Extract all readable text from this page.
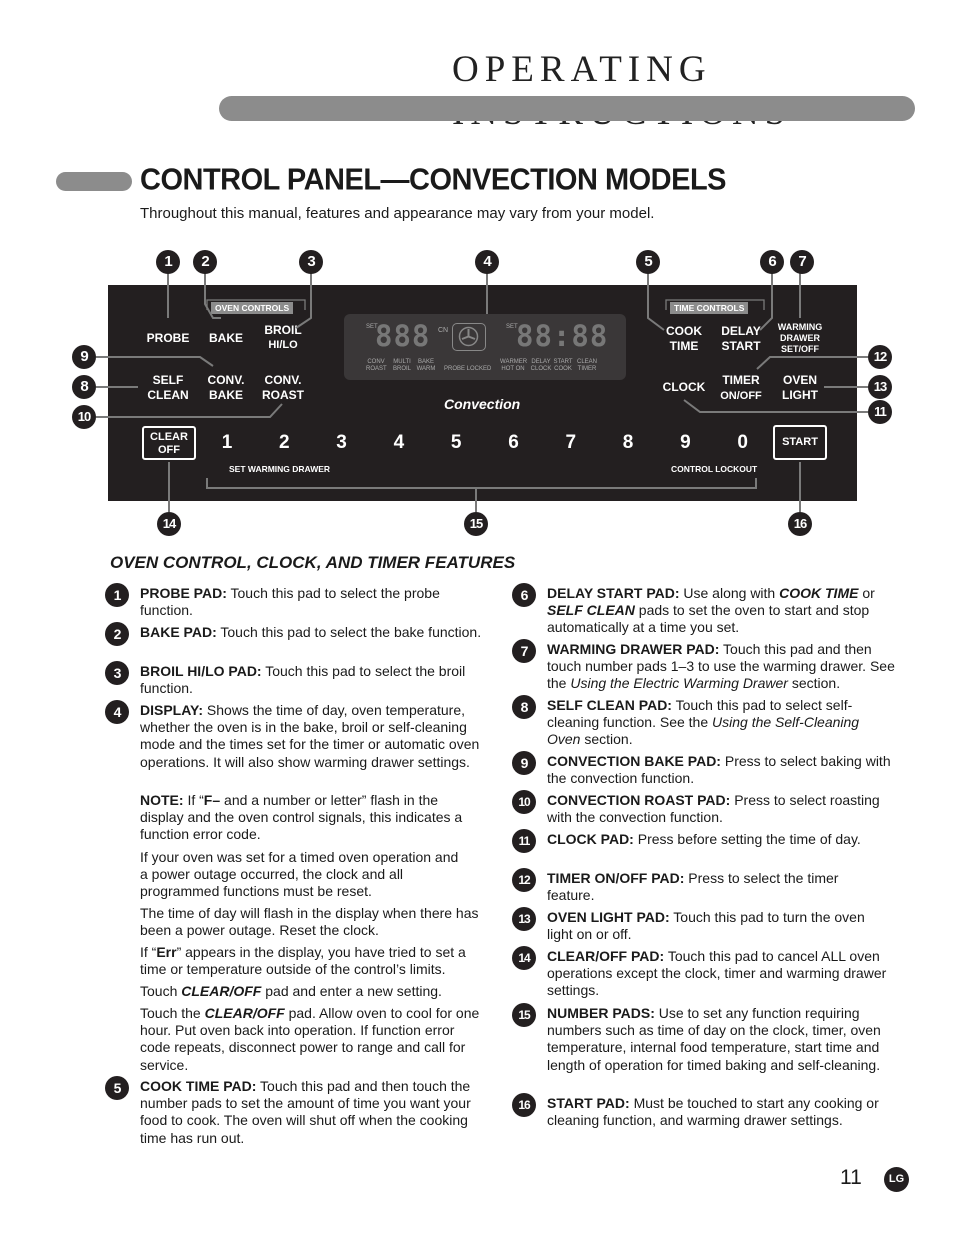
OPERATING
CONTROL PANEL—CONVECTION MODELS
Throughout this manual, features and appearance may vary from your model.
OVEN CONTROLS	TIME CONTROLS
PROBE BAKE
BROIL
HI/LO
COOK
TIME
DELAY
START
WARMING
DRAWER
SET/OFF
SELF
CLEAN
CONV.
BAKE
CONV.
ROAST
CLOCK TIMER
ON/OFF
OVEN
LIGHT
SET
888 CN	SET
88:88
CONV ROAST
MULTI BROIL
BAKE WARM PROBE LOCKED
WARMER HOT ON
DELAY CLOCK
START COOK
CLEAN TIMER
Convection
CLEAR
OFF
START
1 2 3 4 5 6 7 8 9 0
SET WARMING DRAWER	CONTROL LOCKOUT
1	2	3	4	5	6	7
8
9
10	11
12
13
14	15	16
OVEN CONTROL, CLOCK, AND TIMER FEATURES
1	PROBE PAD: Touch this pad to select the probe function.
2	BAKE PAD: Touch this pad to select the bake function.
3	BROIL HI/LO PAD: Touch this pad to select the broil function.
4	DISPLAY: Shows the time of day, oven temperature, whether the oven is in the bake, broil or self-cleaning mode and the times set for the timer or automatic oven operations. It will also show warming drawer settings.
NOTE: If “F– and a number or letter” flash in the display and the oven control signals, this indicates a function error code.
If your oven was set for a timed oven operation and a power outage occurred, the clock and all programmed functions must be reset.
The time of day will flash in the display when there has been a power outage. Reset the clock.
If “Err” appears in the display, you have tried to set a time or temperature outside of the control’s limits.
Touch CLEAR/OFF pad and enter a new setting.
Touch the CLEAR/OFF pad. Allow oven to cool for one hour. Put oven back into operation. If function error code repeats, disconnect power to range and call for service.
5	COOK TIME PAD: Touch this pad and then touch the number pads to set the amount of time you want your food to cook. The oven will shut off when the cooking time has run out.
6	DELAY START PAD: Use along with COOK TIME or SELF CLEAN pads to set the oven to start and stop automatically at a time you set.
7	WARMING DRAWER PAD: Touch this pad and then touch number pads 1–3 to use the warming drawer. See the Using the Electric Warming Drawer section.
8	SELF CLEAN PAD: Touch this pad to select self-cleaning function. See the Using the Self-Cleaning Oven section.
9	CONVECTION BAKE PAD: Press to select baking with the convection function.
10	CONVECTION ROAST PAD: Press to select roasting with the convection function.
11	CLOCK PAD: Press before setting the time of day.
12	TIMER ON/OFF PAD: Press to select the timer feature.
13	OVEN LIGHT PAD: Touch this pad to turn the oven light on or off.
14	CLEAR/OFF PAD: Touch this pad to cancel ALL oven operations except the clock, timer and warming drawer settings.
15	NUMBER PADS: Use to set any function requiring numbers such as time of day on the clock, timer, oven temperature, internal food temperature, start time and length of operation for timed baking and self-cleaning.
16	START PAD: Must be touched to start any cooking or cleaning function, and warming drawer settings.
11	LG
